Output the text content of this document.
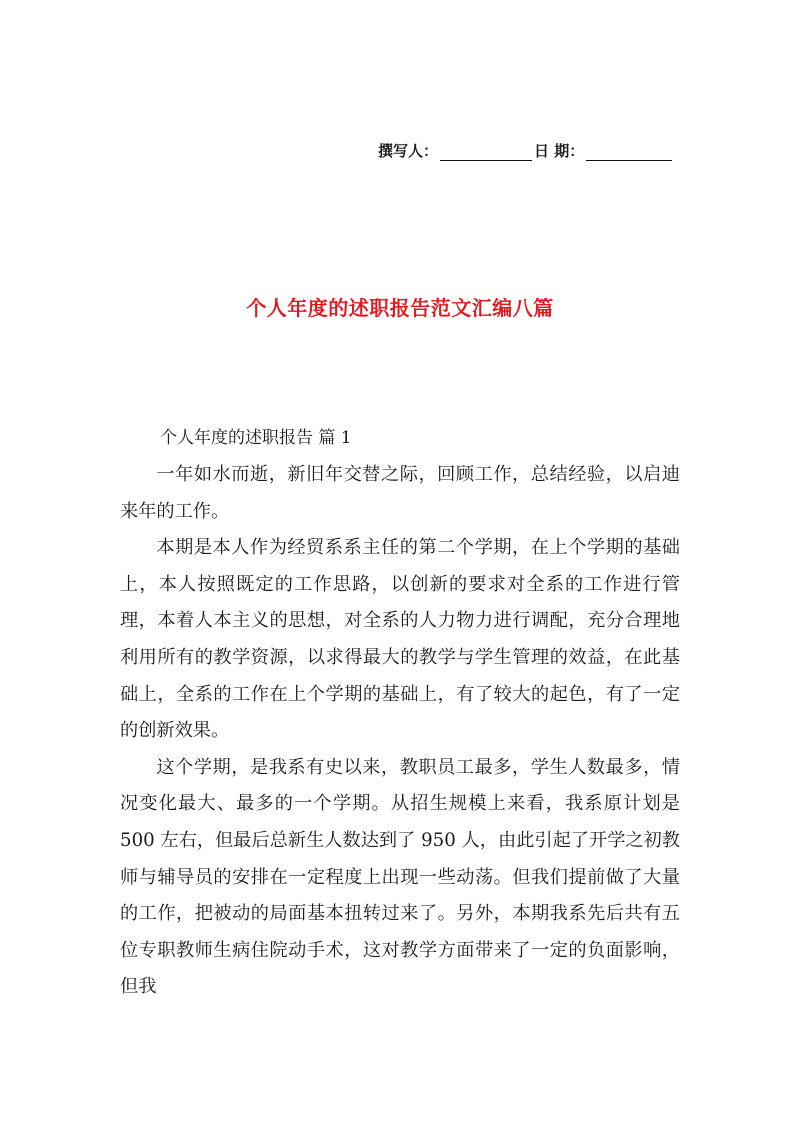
撰写人：	日 期：
个人年度的述职报告范文汇编八篇
个人年度的述职报告 篇 1

一年如水而逝，新旧年交替之际，回顾工作，总结经验，以启迪来年的工作。

本期是本人作为经贸系系主任的第二个学期，在上个学期的基础上，本人按照既定的工作思路，以创新的要求对全系的工作进行管理，本着人本主义的思想，对全系的人力物力进行调配，充分合理地利用所有的教学资源，以求得最大的教学与学生管理的效益，在此基础上，全系的工作在上个学期的基础上，有了较大的起色，有了一定的创新效果。

这个学期，是我系有史以来，教职员工最多，学生人数最多，情况变化最大、最多的一个学期。从招生规模上来看，我系原计划是 500 左右，但最后总新生人数达到了 950 人，由此引起了开学之初教师与辅导员的安排在一定程度上出现一些动荡。但我们提前做了大量的工作，把被动的局面基本扭转过来了。另外，本期我系先后共有五位专职教师生病住院动手术，这对教学方面带来了一定的负面影响，但我
